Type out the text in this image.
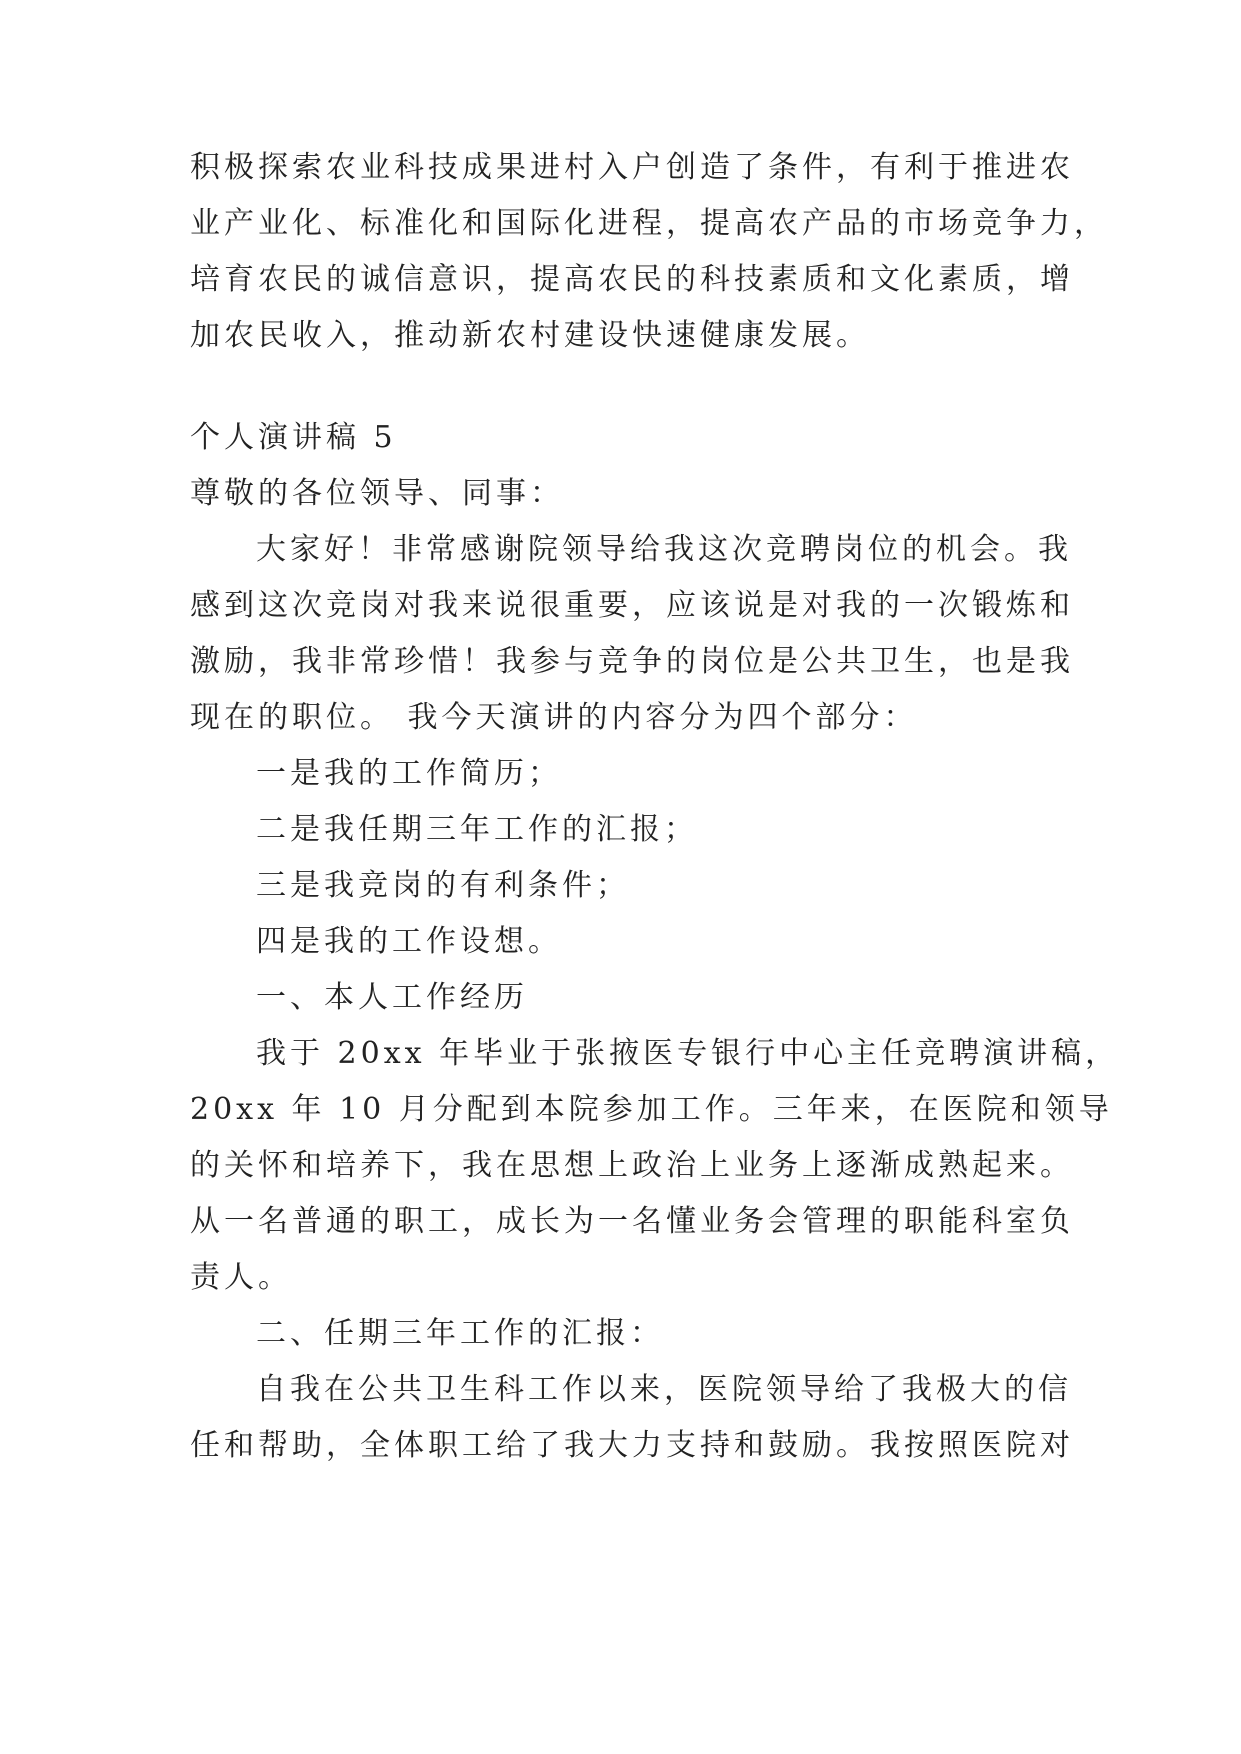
积极探索农业科技成果进村入户创造了条件，有利于推进农
业产业化、标准化和国际化进程，提高农产品的市场竞争力，
培育农民的诚信意识，提高农民的科技素质和文化素质，增
加农民收入，推动新农村建设快速健康发展。
个人演讲稿 5
尊敬的各位领导、同事：
大家好！非常感谢院领导给我这次竞聘岗位的机会。我
感到这次竞岗对我来说很重要，应该说是对我的一次锻炼和
激励，我非常珍惜！我参与竞争的岗位是公共卫生，也是我
现在的职位。 我今天演讲的内容分为四个部分：
一是我的工作简历；
二是我任期三年工作的汇报；
三是我竞岗的有利条件；
四是我的工作设想。
一、本人工作经历
我于 20xx 年毕业于张掖医专银行中心主任竞聘演讲稿，
20xx 年 10 月分配到本院参加工作。三年来，在医院和领导
的关怀和培养下，我在思想上政治上业务上逐渐成熟起来。
从一名普通的职工，成长为一名懂业务会管理的职能科室负
责人。
二、任期三年工作的汇报：
自我在公共卫生科工作以来，医院领导给了我极大的信
任和帮助，全体职工给了我大力支持和鼓励。我按照医院对
